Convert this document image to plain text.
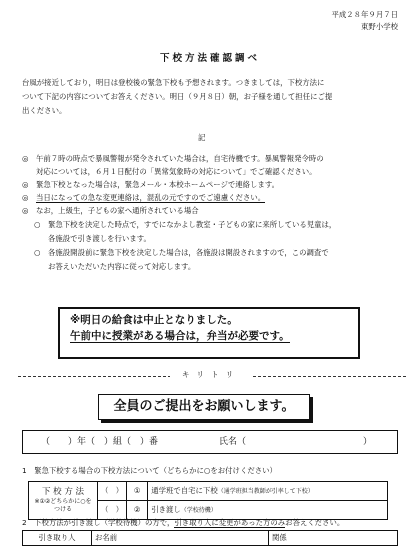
平成２８年９月７日
東野小学校
下校方法確認調べ
台風が接近しており，明日は登校後の緊急下校も予想されます。つきましては，下校方法に
ついて下記の内容についてお答えください。明日（９月８日）朝，お子様を通して担任にご提
出ください。
記
◎ 午前７時の時点で暴風警報が発令されていた場合は，自宅待機です。暴風警報発令時の
対応については，６月１日配付の「異常気象時の対応について」でご確認ください。
◎ 緊急下校となった場合は，緊急メール・本校ホームページで連絡します。
◎ 当日になっての急な変更連絡は，混乱の元ですのでご遠慮ください。
◎ なお，上級生，子どもの家へ通所されている場合
○ 緊急下校を決定した時点で，すでになかよし教室・子どもの家に来所している児童は，
各施設で引き渡しを行います。
○ 各施設開設前に緊急下校を決定した場合は，各施設は開設されますので，この調査で
お答えいただいた内容に従って対応します。
※明日の給食は中止となりました。
午前中に授業がある場合は，弁当が必要です。
キリトリ
全員のご提出をお願いします。
（　　）年（　）組（　）番	氏名（	）
1　緊急下校する場合の下校方法について（どちらかに○をお付けください）
下 校 方 法
※①②どちらかに○をつける	（　）	①	通学班で自宅に下校（通学班担当教師が引率して下校）
	（　）	②	引き渡し（学校待機）
2　下校方法が引き渡し（学校待機）の方で，引き取り人に変更があった方のみお答えください。
引き取り人	お名前	関係
